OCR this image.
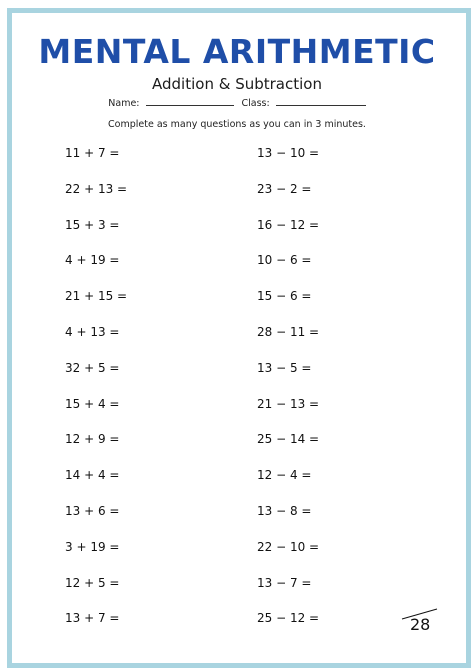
MENTAL ARITHMETIC
Addition & Subtraction
Name:	Class:
Complete as many questions as you can in 3 minutes.
11 + 7 =
22 + 13 =
15 + 3 =
4 + 19 =
21 + 15 =
4 + 13 =
32 + 5 =
15 + 4 =
12 + 9 =
14 + 4 =
13 + 6 =
3 + 19 =
12 + 5 =
13 + 7 =
13 − 10 =
23 − 2 =
16 − 12 =
10 − 6 =
15 − 6 =
28 − 11 =
13 − 5 =
21 − 13 =
25 − 14 =
12 − 4 =
13 − 8 =
22 − 10 =
13 − 7 =
25 − 12 =	28
